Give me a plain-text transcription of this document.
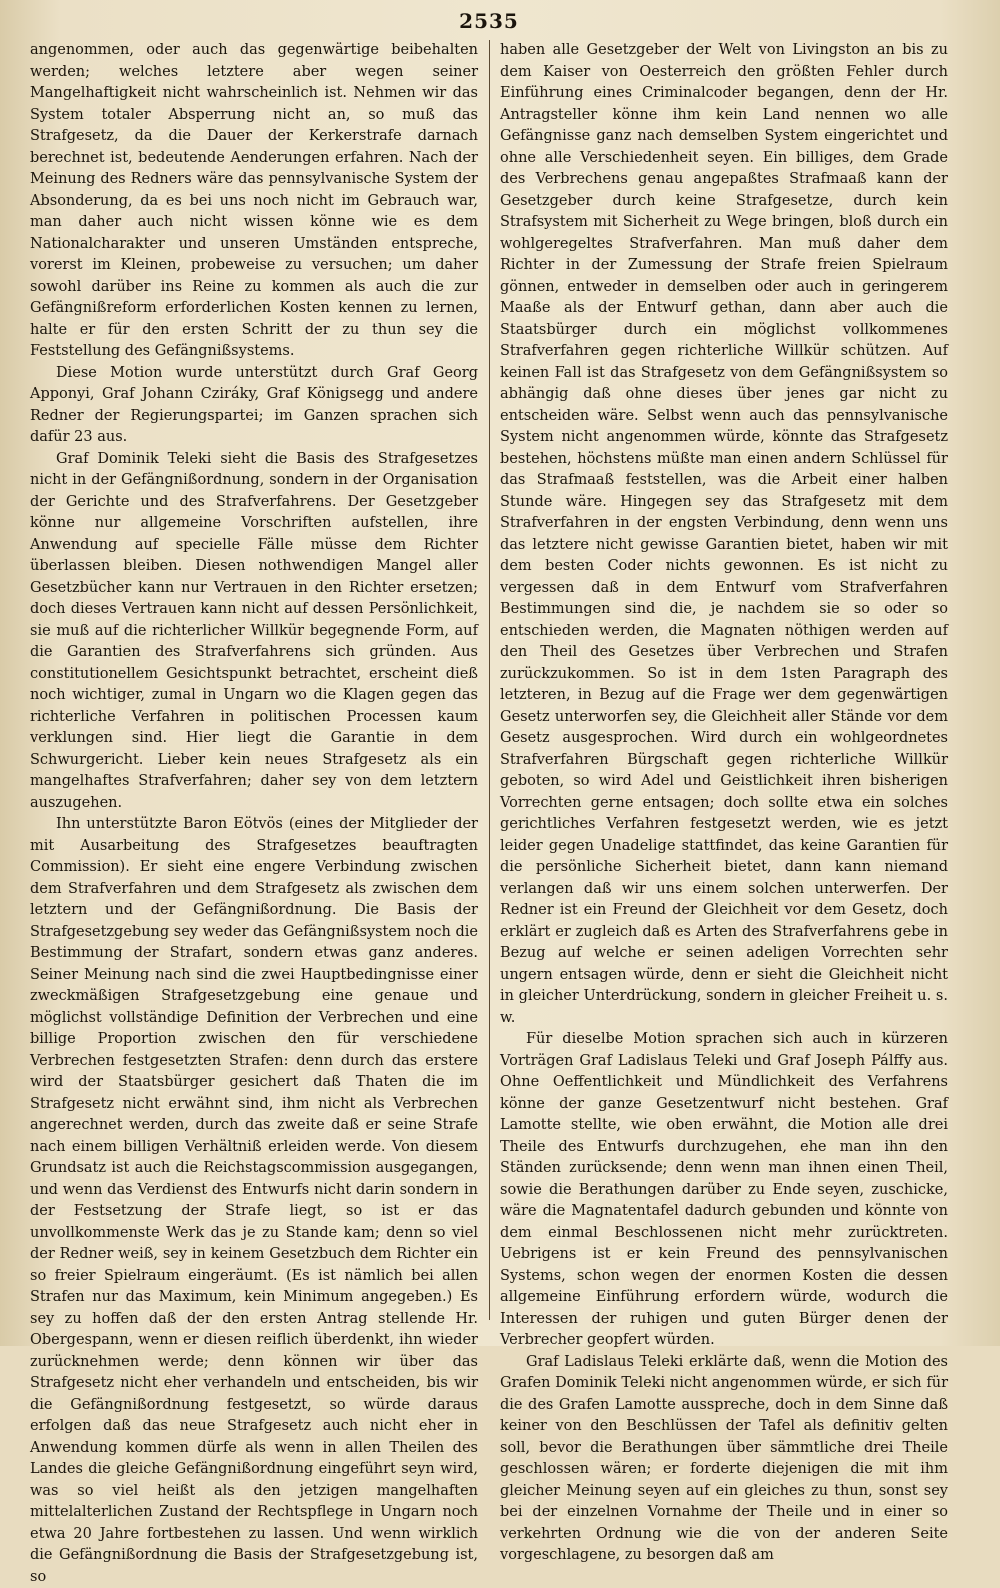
2535

angenommen, oder auch das gegenwärtige beibehalten werden; welches letztere aber wegen seiner Mangelhaftigkeit nicht wahrscheinlich ist. Nehmen wir das System totaler Absperrung nicht an, so muß das Strafgesetz, da die Dauer der Kerkerstrafe darnach berechnet ist, bedeutende Aenderungen erfahren. Nach der Meinung des Redners wäre das pennsylvanische System der Absonderung, da es bei uns noch nicht im Gebrauch war, man daher auch nicht wissen könne wie es dem Nationalcharakter und unseren Umständen entspreche, vorerst im Kleinen, probeweise zu versuchen; um daher sowohl darüber ins Reine zu kommen als auch die zur Gefängnißreform erforderlichen Kosten kennen zu lernen, halte er für den ersten Schritt der zu thun sey die Feststellung des Gefängnißsystems.

Diese Motion wurde unterstützt durch Graf Georg Apponyi, Graf Johann Cziráky, Graf Königsegg und andere Redner der Regierungspartei; im Ganzen sprachen sich dafür 23 aus.

Graf Dominik Teleki sieht die Basis des Strafgesetzes nicht in der Gefängnißordnung, sondern in der Organisation der Gerichte und des Strafverfahrens. Der Gesetzgeber könne nur allgemeine Vorschriften aufstellen, ihre Anwendung auf specielle Fälle müsse dem Richter überlassen bleiben. Diesen nothwendigen Mangel aller Gesetzbücher kann nur Vertrauen in den Richter ersetzen; doch dieses Vertrauen kann nicht auf dessen Persönlichkeit, sie muß auf die richterlicher Willkür begegnende Form, auf die Garantien des Strafverfahrens sich gründen. Aus constitutionellem Gesichtspunkt betrachtet, erscheint dieß noch wichtiger, zumal in Ungarn wo die Klagen gegen das richterliche Verfahren in politischen Processen kaum verklungen sind. Hier liegt die Garantie in dem Schwurgericht. Lieber kein neues Strafgesetz als ein mangelhaftes Strafverfahren; daher sey von dem letztern auszugehen.

Ihn unterstützte Baron Eötvös (eines der Mitglieder der mit Ausarbeitung des Strafgesetzes beauftragten Commission). Er sieht eine engere Verbindung zwischen dem Strafverfahren und dem Strafgesetz als zwischen dem letztern und der Gefängnißordnung. Die Basis der Strafgesetzgebung sey weder das Gefängnißsystem noch die Bestimmung der Strafart, sondern etwas ganz anderes. Seiner Meinung nach sind die zwei Hauptbedingnisse einer zweckmäßigen Strafgesetzgebung eine genaue und möglichst vollständige Definition der Verbrechen und eine billige Proportion zwischen den für verschiedene Verbrechen festgesetzten Strafen: denn durch das erstere wird der Staatsbürger gesichert daß Thaten die im Strafgesetz nicht erwähnt sind, ihm nicht als Verbrechen angerechnet werden, durch das zweite daß er seine Strafe nach einem billigen Verhältniß erleiden werde. Von diesem Grundsatz ist auch die Reichstagscommission ausgegangen, und wenn das Verdienst des Entwurfs nicht darin sondern in der Festsetzung der Strafe liegt, so ist er das unvollkommenste Werk das je zu Stande kam; denn so viel der Redner weiß, sey in keinem Gesetzbuch dem Richter ein so freier Spielraum eingeräumt. (Es ist nämlich bei allen Strafen nur das Maximum, kein Minimum angegeben.) Es sey zu hoffen daß der den ersten Antrag stellende Hr. Obergespann, wenn er diesen reiflich überdenkt, ihn wieder zurücknehmen werde; denn können wir über das Strafgesetz nicht eher verhandeln und entscheiden, bis wir die Gefängnißordnung festgesetzt, so würde daraus erfolgen daß das neue Strafgesetz auch nicht eher in Anwendung kommen dürfe als wenn in allen Theilen des Landes die gleiche Gefängnißordnung eingeführt seyn wird, was so viel heißt als den jetzigen mangelhaften mittelalterlichen Zustand der Rechtspflege in Ungarn noch etwa 20 Jahre fortbestehen zu lassen. Und wenn wirklich die Gefängnißordnung die Basis der Strafgesetzgebung ist, so

haben alle Gesetzgeber der Welt von Livingston an bis zu dem Kaiser von Oesterreich den größten Fehler durch Einführung eines Criminalcoder begangen, denn der Hr. Antragsteller könne ihm kein Land nennen wo alle Gefängnisse ganz nach demselben System eingerichtet und ohne alle Verschiedenheit seyen. Ein billiges, dem Grade des Verbrechens genau angepaßtes Strafmaaß kann der Gesetzgeber durch keine Strafgesetze, durch kein Strafsystem mit Sicherheit zu Wege bringen, bloß durch ein wohlgeregeltes Strafverfahren. Man muß daher dem Richter in der Zumessung der Strafe freien Spielraum gönnen, entweder in demselben oder auch in geringerem Maaße als der Entwurf gethan, dann aber auch die Staatsbürger durch ein möglichst vollkommenes Strafverfahren gegen richterliche Willkür schützen. Auf keinen Fall ist das Strafgesetz von dem Gefängnißsystem so abhängig daß ohne dieses über jenes gar nicht zu entscheiden wäre. Selbst wenn auch das pennsylvanische System nicht angenommen würde, könnte das Strafgesetz bestehen, höchstens müßte man einen andern Schlüssel für das Strafmaaß feststellen, was die Arbeit einer halben Stunde wäre. Hingegen sey das Strafgesetz mit dem Strafverfahren in der engsten Verbindung, denn wenn uns das letztere nicht gewisse Garantien bietet, haben wir mit dem besten Coder nichts gewonnen. Es ist nicht zu vergessen daß in dem Entwurf vom Strafverfahren Bestimmungen sind die, je nachdem sie so oder so entschieden werden, die Magnaten nöthigen werden auf den Theil des Gesetzes über Verbrechen und Strafen zurückzukommen. So ist in dem 1sten Paragraph des letzteren, in Bezug auf die Frage wer dem gegenwärtigen Gesetz unterworfen sey, die Gleichheit aller Stände vor dem Gesetz ausgesprochen. Wird durch ein wohlgeordnetes Strafverfahren Bürgschaft gegen richterliche Willkür geboten, so wird Adel und Geistlichkeit ihren bisherigen Vorrechten gerne entsagen; doch sollte etwa ein solches gerichtliches Verfahren festgesetzt werden, wie es jetzt leider gegen Unadelige stattfindet, das keine Garantien für die persönliche Sicherheit bietet, dann kann niemand verlangen daß wir uns einem solchen unterwerfen. Der Redner ist ein Freund der Gleichheit vor dem Gesetz, doch erklärt er zugleich daß es Arten des Strafverfahrens gebe in Bezug auf welche er seinen adeligen Vorrechten sehr ungern entsagen würde, denn er sieht die Gleichheit nicht in gleicher Unterdrückung, sondern in gleicher Freiheit u. s. w.

Für dieselbe Motion sprachen sich auch in kürzeren Vorträgen Graf Ladislaus Teleki und Graf Joseph Pálffy aus. Ohne Oeffentlichkeit und Mündlichkeit des Verfahrens könne der ganze Gesetzentwurf nicht bestehen. Graf Lamotte stellte, wie oben erwähnt, die Motion alle drei Theile des Entwurfs durchzugehen, ehe man ihn den Ständen zurücksende; denn wenn man ihnen einen Theil, sowie die Berathungen darüber zu Ende seyen, zuschicke, wäre die Magnatentafel dadurch gebunden und könnte von dem einmal Beschlossenen nicht mehr zurücktreten. Uebrigens ist er kein Freund des pennsylvanischen Systems, schon wegen der enormen Kosten die dessen allgemeine Einführung erfordern würde, wodurch die Interessen der ruhigen und guten Bürger denen der Verbrecher geopfert würden.

Graf Ladislaus Teleki erklärte daß, wenn die Motion des Grafen Dominik Teleki nicht angenommen würde, er sich für die des Grafen Lamotte ausspreche, doch in dem Sinne daß keiner von den Beschlüssen der Tafel als definitiv gelten soll, bevor die Berathungen über sämmtliche drei Theile geschlossen wären; er forderte diejenigen die mit ihm gleicher Meinung seyen auf ein gleiches zu thun, sonst sey bei der einzelnen Vornahme der Theile und in einer so verkehrten Ordnung wie die von der anderen Seite vorgeschlagene, zu besorgen daß am
